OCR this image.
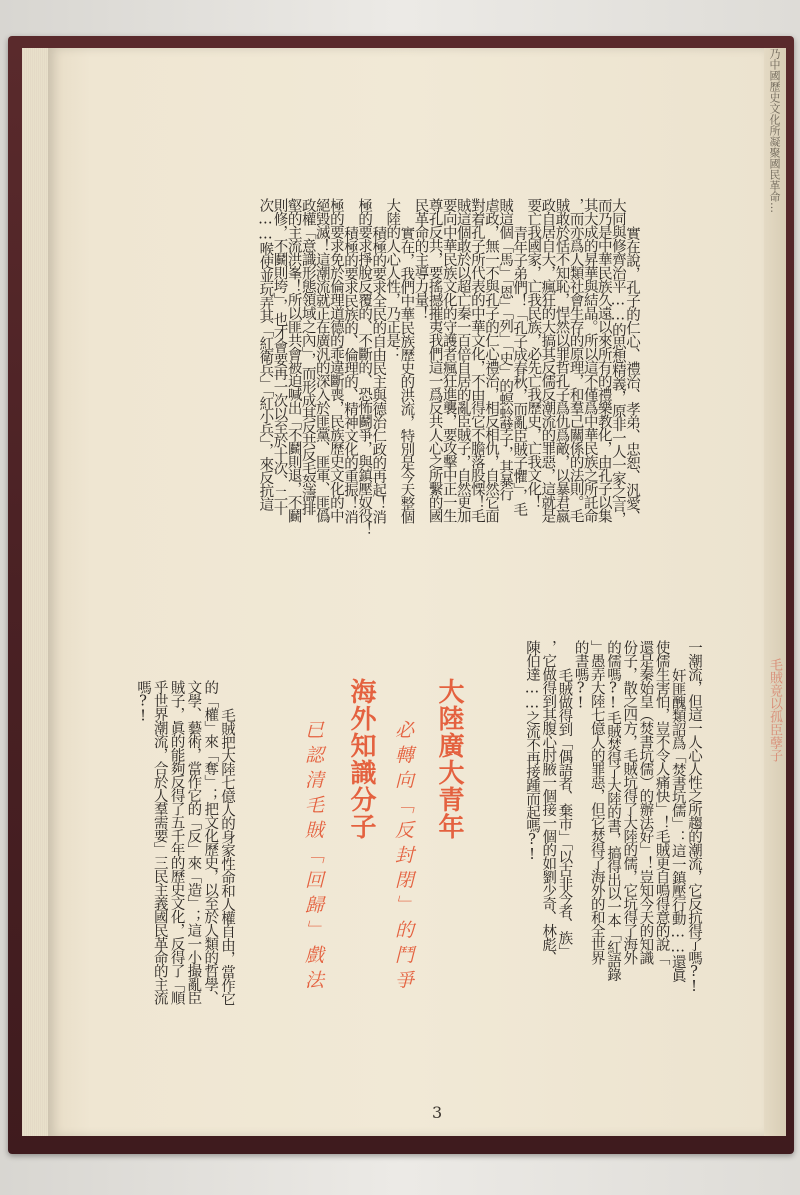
實在說，孔子的仁心、禮治、孝弟、忠恕、汎愛、
大同與修齊治平……的思想精義，原非一人一家之言，
而乃是中華民族久遠以來所有的禮樂教化，由孔子以集
其大成的昇華與結晶。所以這不僅爲中華民族之所託命
，而亦爲人類社會生存的原理，和羣己關係的法則。毛
賊敢於恬不知恥，悍然以罪哲孔子爲仇爲敵，以暴君嬴
政自居自大，瘋狂的大搞其反儒反潮流的罪惡，這就是
要亡我國家，亡我民族，必先亡我歷史，亡我文化！
青年子弟們！「孔子成春秋，而亂臣賊子懼」，毛
賊這個「馬」「恩」「列」「史」的螟蛉孽子，其暴行
虐政，無一不與孔子的仁心禮治，相反相仇，自然它面
對着孔子所代表的中華文化，不由得它不膽落股慄！毛
賊這個敢於以超亡秦一百倍自居的亂臣賊子，自然更加
要向中華民族文化的守護者瘋狂進襲，要攻擊中正一生
尊孔反共，要搖撼摧夷我們這一爲反共人心之所繫的國
民革命的主導力量！
實在，我們中華民族歷史的洪流，特別是今天整個
大陸的人心人性，乃正是：
積極的要求全民的自由民主與德治仁政的再起！消
極的要求掙脫反覆的、不斷的、恐怖鬬爭，與鎮壓奴役！
積極的要求民族的、倫理的、精神文化的重振！消
極的要求免於倫理道德的乖違斷喪，民族歷史文化的中
絕毀滅！這潮流就正在廣汎的深入於匪黨、匪軍、匪僞
政權「意識形態領域之內」，而形成其反共反毛怒濤排
壑的主流洪峯！所以匪共會被迫喊出「不鬬則退，不鬬
則修，不鬬則垮」，也才會要再一次以至於十次、二十
次……喉使並玩弄其「紅衛兵」「紅小兵」，來反抗這
一潮流，但這一人心人性之所趨的潮流，它反抗得了嗎?!
奸匪醜類詔爲「焚書坑儒」：這一鎮壓行動……還眞
使儒生害怕，豈不令人痛快」！毛賊更自鳴得意的說「
還是秦始皇（焚書坑儒）的辦法好」！豈知今天的知識
份子，散之四方，毛賊坑得了大陸的儒，它坑得了海外
的儒嗎?!毛賊焚得了大陸的書，搞得出以一本「紅語錄
」愚弄大陸七億人的罪惡，但它焚得了海外的和全世界
的書嗎?!
毛賊做得到「偶語者、棄市」「以古非今者、族」
，它做得到其腹心肘腋一個接一個的如劉少奇、林彪、
陳伯達……之流不再接踵而起嗎?!
大陸廣大青年
必轉向「反封閉」的鬥爭
海外知識分子
已認清毛賊「回歸」戲法
毛賊把大陸七億人的身家性命和人權自由，當作它
的「權」來「奪」；把文化歷史，以至於人類的哲學、
文學、藝術，當作它的「反」來「造」；這一小撮亂臣
賊子，眞的能夠反得了五千年的歷史文化，反得了「順
乎世界潮流，合於人羣需要」三民主義國民革命的主流
嗎?!
3
乃中國歷史文化所凝聚國民革命…
毛賊竟以孤臣孽子
